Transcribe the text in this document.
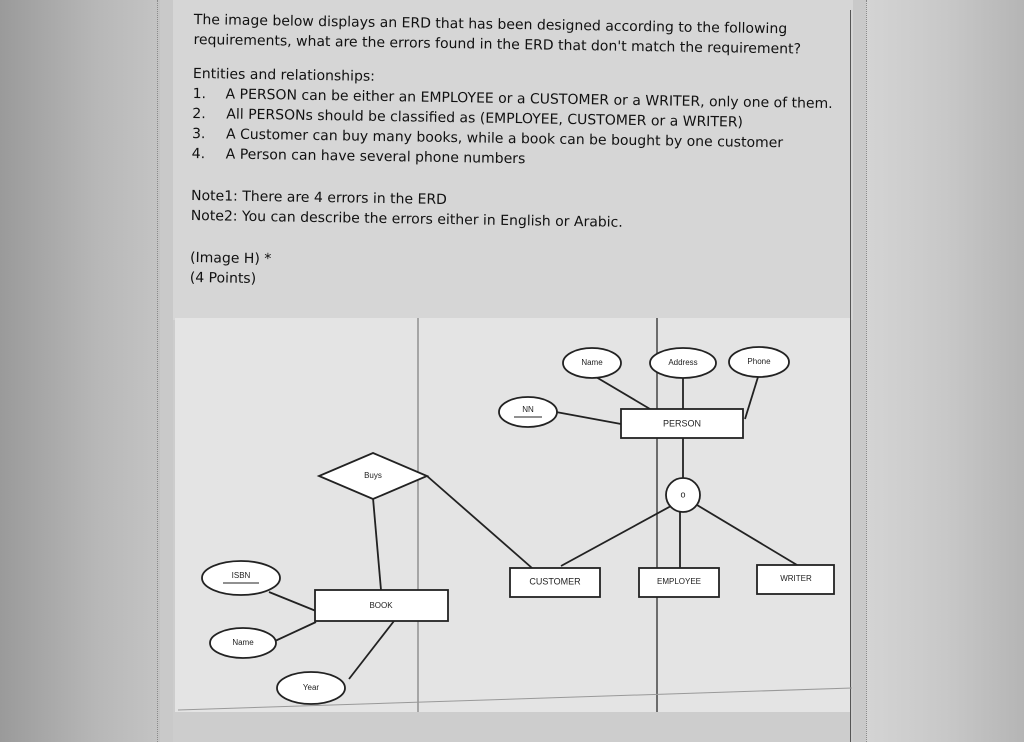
The image below displays an ERD that has been designed according to the following
requirements, what are the errors found in the ERD that don't match the requirement?
Entities and relationships:
1.	A PERSON can be either an EMPLOYEE or a CUSTOMER or a WRITER, only one of them.
2.	All PERSONs should be classified as (EMPLOYEE, CUSTOMER or a WRITER)
3.	A Customer can buy many books, while a book can be bought by one customer
4.	A Person can have several phone numbers
Note1: There are 4 errors in the ERD
Note2: You can describe the errors either in English or Arabic.
(Image H) *
(4 Points)
PERSON
CUSTOMER	EMPLOYEE	WRITER
BOOK
Name	Address	Phone
NN
ISBN
Name
Year
Buys
o
